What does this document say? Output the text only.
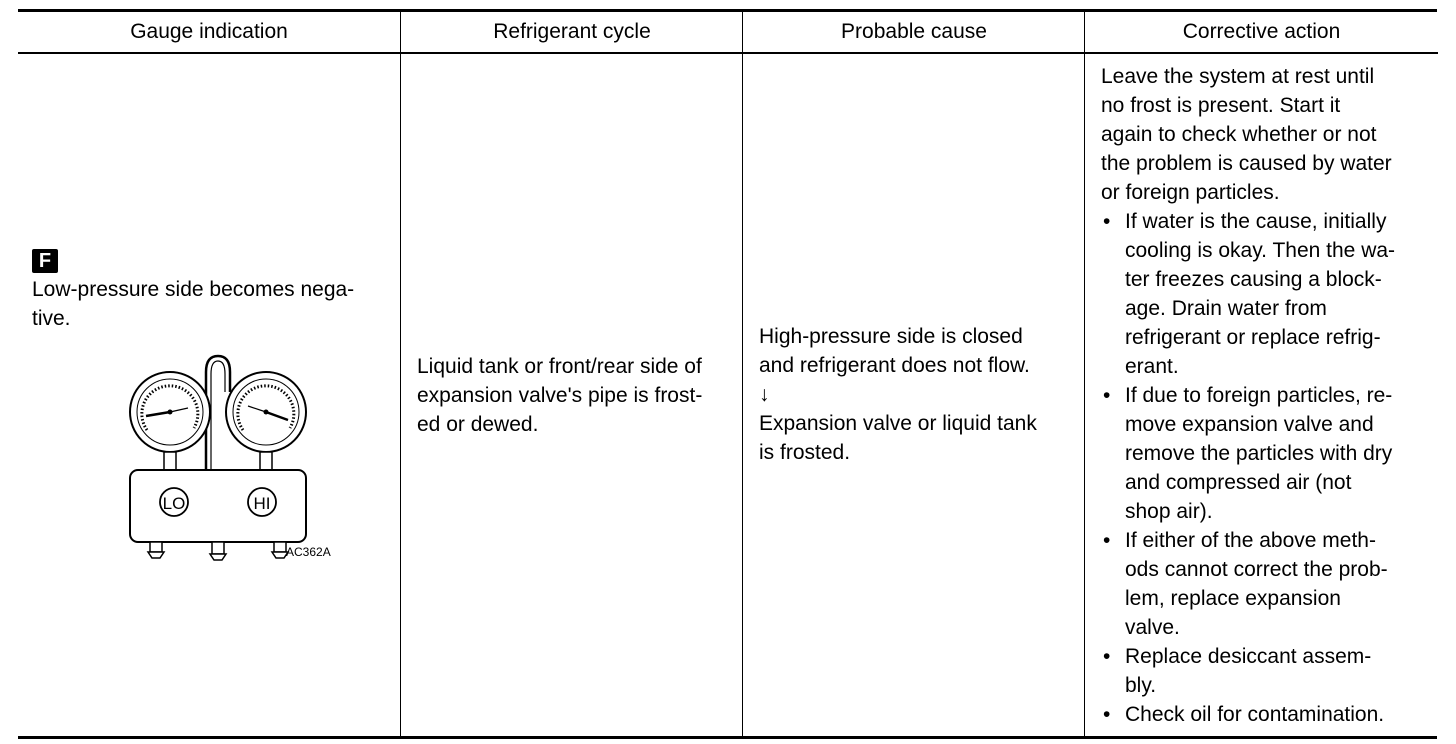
Gauge indication
F
Low-pressure side becomes nega-
tive.
LO	HI
AC362A
Refrigerant cycle
Liquid tank or front/rear side of
expansion valve's pipe is frost-
ed or dewed.
Probable cause
High-pressure side is closed
and refrigerant does not flow.
↓
Expansion valve or liquid tank
is frosted.
Corrective action
Leave the system at rest until
no frost is present. Start it
again to check whether or not
the problem is caused by water
or foreign particles.
• If water is the cause, initially
cooling is okay. Then the wa-
ter freezes causing a block-
age. Drain water from
refrigerant or replace refrig-
erant.
• If due to foreign particles, re-
move expansion valve and
remove the particles with dry
and compressed air (not
shop air).
• If either of the above meth-
ods cannot correct the prob-
lem, replace expansion
valve.
• Replace desiccant assem-
bly.
• Check oil for contamination.
